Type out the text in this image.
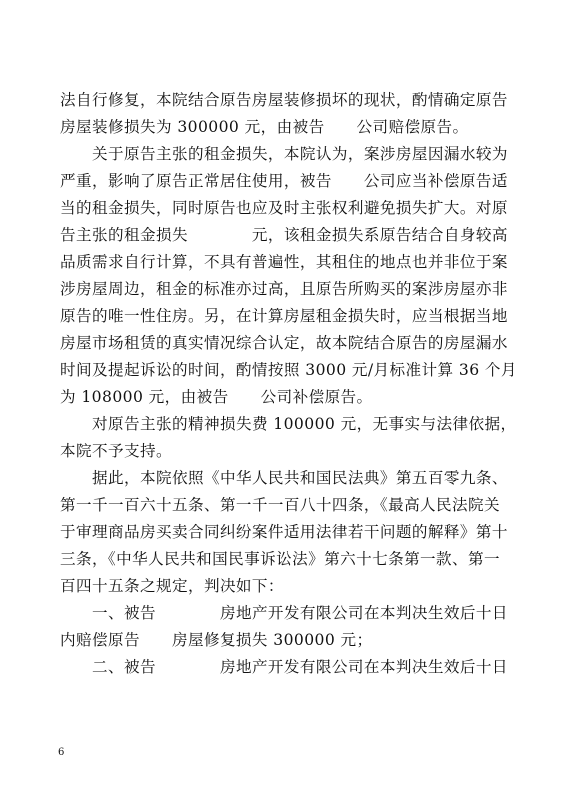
法自行修复，本院结合原告房屋装修损坏的现状，酌情确定原告
房屋装修损失为 300000 元，由被告　　公司赔偿原告。
关于原告主张的租金损失，本院认为，案涉房屋因漏水较为
严重，影响了原告正常居住使用，被告　　公司应当补偿原告适
当的租金损失，同时原告也应及时主张权利避免损失扩大。对原
告主张的租金损失　　　　元，该租金损失系原告结合自身较高
品质需求自行计算，不具有普遍性，其租住的地点也并非位于案
涉房屋周边，租金的标准亦过高，且原告所购买的案涉房屋亦非
原告的唯一性住房。另，在计算房屋租金损失时，应当根据当地
房屋市场租赁的真实情况综合认定，故本院结合原告的房屋漏水
时间及提起诉讼的时间，酌情按照 3000 元/月标准计算 36 个月
为 108000 元，由被告　　公司补偿原告。
对原告主张的精神损失费 100000 元，无事实与法律依据，
本院不予支持。
据此，本院依照《中华人民共和国民法典》第五百零九条、
第一千一百六十五条、第一千一百八十四条，《最高人民法院关
于审理商品房买卖合同纠纷案件适用法律若干问题的解释》第十
三条，《中华人民共和国民事诉讼法》第六十七条第一款、第一
百四十五条之规定，判决如下：
一、被告　　　　房地产开发有限公司在本判决生效后十日
内赔偿原告　　房屋修复损失 300000 元；
二、被告　　　　房地产开发有限公司在本判决生效后十日
6
